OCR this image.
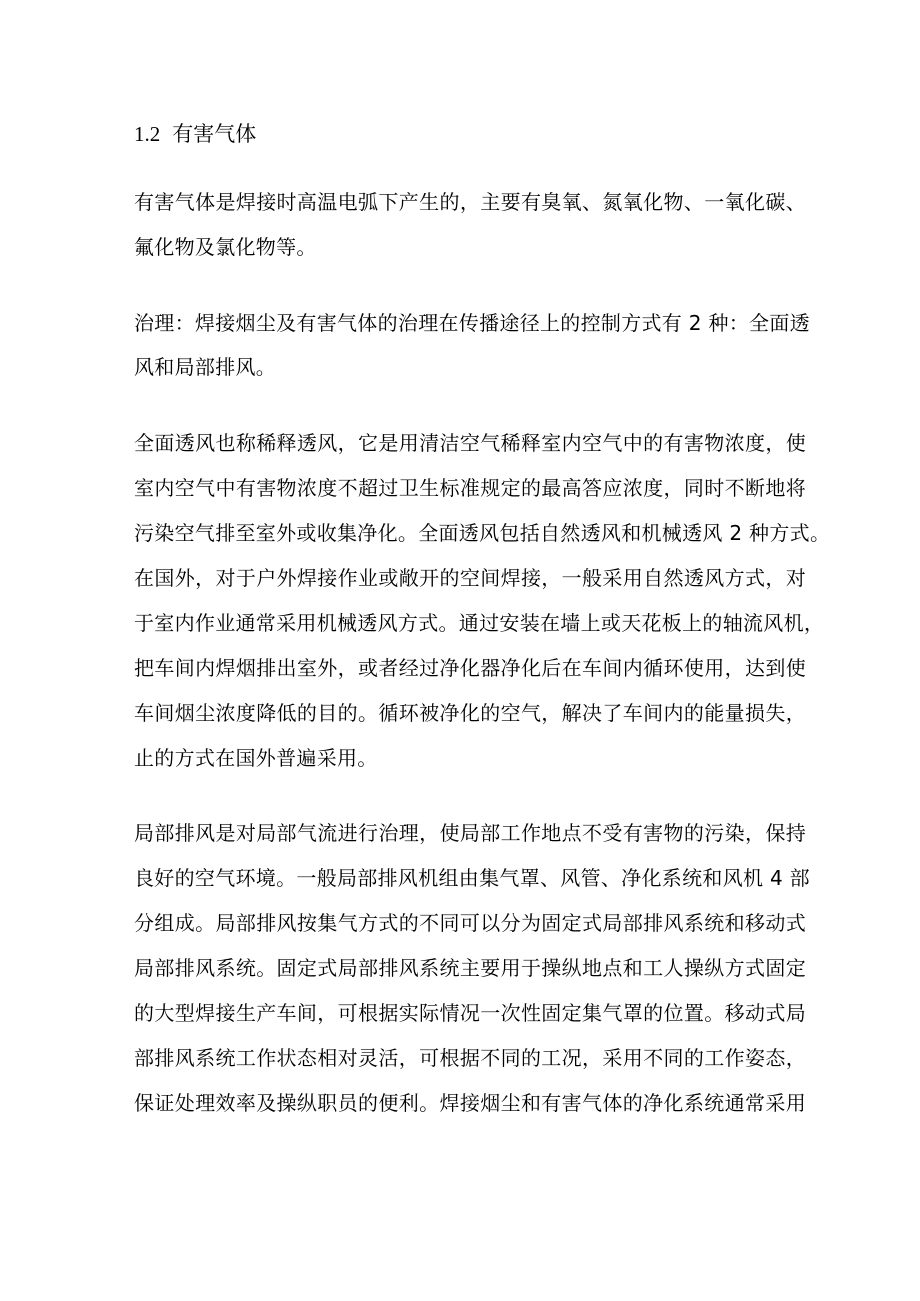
1.2 有害气体
有害气体是焊接时高温电弧下产生的，主要有臭氧、氮氧化物、一氧化碳、
氟化物及氯化物等。
治理：焊接烟尘及有害气体的治理在传播途径上的控制方式有 2 种：全面透
风和局部排风。
全面透风也称稀释透风，它是用清洁空气稀释室内空气中的有害物浓度，使
室内空气中有害物浓度不超过卫生标准规定的最高答应浓度，同时不断地将
污染空气排至室外或收集净化。全面透风包括自然透风和机械透风 2 种方式。
在国外，对于户外焊接作业或敞开的空间焊接，一般采用自然透风方式，对
于室内作业通常采用机械透风方式。通过安装在墙上或天花板上的轴流风机，
把车间内焊烟排出室外，或者经过净化器净化后在车间内循环使用，达到使
车间烟尘浓度降低的目的。循环被净化的空气，解决了车间内的能量损失，
止的方式在国外普遍采用。
局部排风是对局部气流进行治理，使局部工作地点不受有害物的污染，保持
良好的空气环境。一般局部排风机组由集气罩、风管、净化系统和风机 4 部
分组成。局部排风按集气方式的不同可以分为固定式局部排风系统和移动式
局部排风系统。固定式局部排风系统主要用于操纵地点和工人操纵方式固定
的大型焊接生产车间，可根据实际情况一次性固定集气罩的位置。移动式局
部排风系统工作状态相对灵活，可根据不同的工况，采用不同的工作姿态，
保证处理效率及操纵职员的便利。焊接烟尘和有害气体的净化系统通常采用
